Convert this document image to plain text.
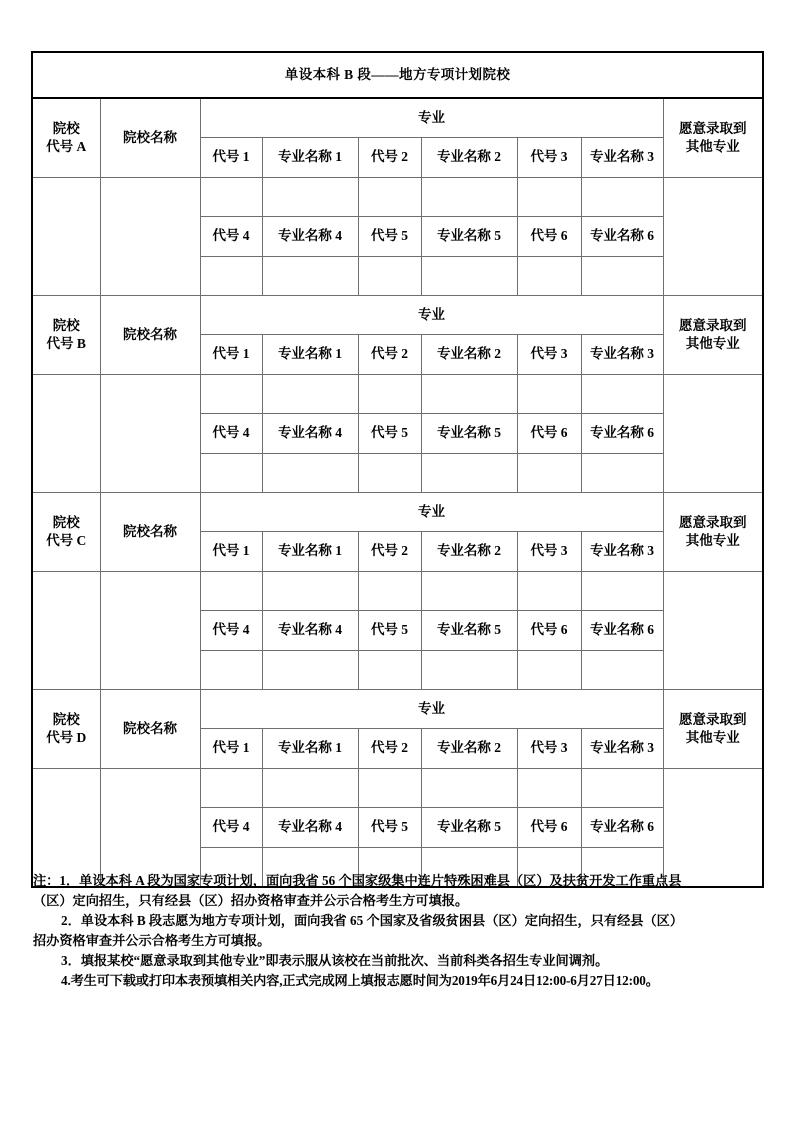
单设本科 B 段——地方专项计划院校								

院校
代号 A	院校名称	专业						愿意录取到
其他专业

		代号 1	专业名称 1	代号 2	专业名称 2	代号 3	专业名称 3	

		代号 4	专业名称 4	代号 5	专业名称 5	代号 6	专业名称 6	

院校
代号 B	院校名称	专业						愿意录取到
其他专业

		代号 1	专业名称 1	代号 2	专业名称 2	代号 3	专业名称 3	

		代号 4	专业名称 4	代号 5	专业名称 5	代号 6	专业名称 6	

院校
代号 C	院校名称	专业						愿意录取到
其他专业

		代号 1	专业名称 1	代号 2	专业名称 2	代号 3	专业名称 3	

		代号 4	专业名称 4	代号 5	专业名称 5	代号 6	专业名称 6	

院校
代号 D	院校名称	专业						愿意录取到
其他专业

		代号 1	专业名称 1	代号 2	专业名称 2	代号 3	专业名称 3	

		代号 4	专业名称 4	代号 5	专业名称 5	代号 6	专业名称 6	

注：1．单设本科 A 段为国家专项计划，面向我省 56 个国家级集中连片特殊困难县（区）及扶贫开发工作重点县

（区）定向招生，只有经县（区）招办资格审查并公示合格考生方可填报。

2．单设本科 B 段志愿为地方专项计划，面向我省 65 个国家及省级贫困县（区）定向招生，只有经县（区）

招办资格审查并公示合格考生方可填报。

3．填报某校“愿意录取到其他专业”即表示服从该校在当前批次、当前科类各招生专业间调剂。

4.考生可下载或打印本表预填相关内容,正式完成网上填报志愿时间为2019年6月24日12:00-6月27日12:00。
